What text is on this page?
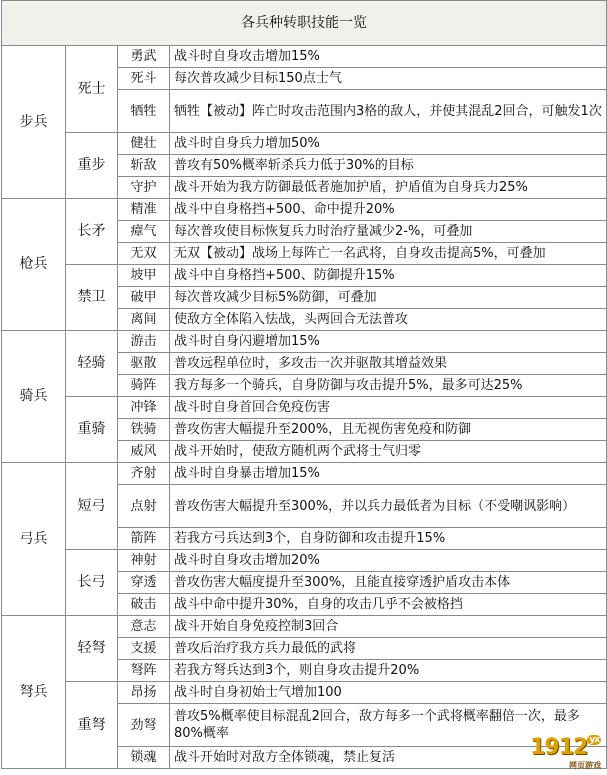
各兵种转职技能一览			
步兵	死士	勇武	战斗时自身攻击增加15%
		死斗	每次普攻减少目标150点士气
		牺牲	牺牲【被动】阵亡时攻击范围内3格的敌人，并使其混乱2回合，可触发1次
	重步	健壮	战斗时自身兵力增加50%
		斩敌	普攻有50%概率斩杀兵力低于30%的目标
		守护	战斗开始为我方防御最低者施加护盾，护盾值为自身兵力25%
枪兵	长矛	精准	战斗中自身格挡+500、命中提升20%
		瘴气	每次普攻使目标恢复兵力时治疗量减少2-%，可叠加
		无双	无双【被动】战场上每阵亡一名武将，自身攻击提高5%，可叠加
	禁卫	坡甲	战斗中自身格挡+500、防御提升15%
		破甲	每次普攻减少目标5%防御，可叠加
		离间	使敌方全体陷入怯战，头两回合无法普攻
骑兵	轻骑	游击	战斗时自身闪避增加15%
		驱散	普攻远程单位时，多攻击一次并驱散其增益效果
		骑阵	我方每多一个骑兵，自身防御与攻击提升5%，最多可达25%
	重骑	冲锋	战斗时自身首回合免疫伤害
		铁骑	普攻伤害大幅提升至200%，且无视伤害免疫和防御
		威风	战斗开始时，使敌方随机两个武将士气归零
弓兵	短弓	齐射	战斗时自身暴击增加15%
		点射	普攻伤害大幅提升至300%，并以兵力最低者为目标（不受嘲讽影响）
		箭阵	若我方弓兵达到3个，自身防御和攻击提升15%
	长弓	神射	战斗时自身攻击增加20%
		穿透	普攻伤害大幅度提升至300%，且能直接穿透护盾攻击本体
		破击	战斗中命中提升30%，自身的攻击几乎不会被格挡
弩兵	轻弩	意志	战斗开始自身免疫控制3回合
		支援	普攻后治疗我方兵力最低的武将
		弩阵	若我方弩兵达到3个，则自身攻击提升20%
	重弩	昂扬	战斗时自身初始士气增加100
		劲弩	普攻5%概率使目标混乱2回合，敌方每多一个武将概率翻倍一次，最多80%概率
		锁魂	战斗开始时对敌方全体锁魂，禁止复活	1912 $^{yx}$
网页游戏
